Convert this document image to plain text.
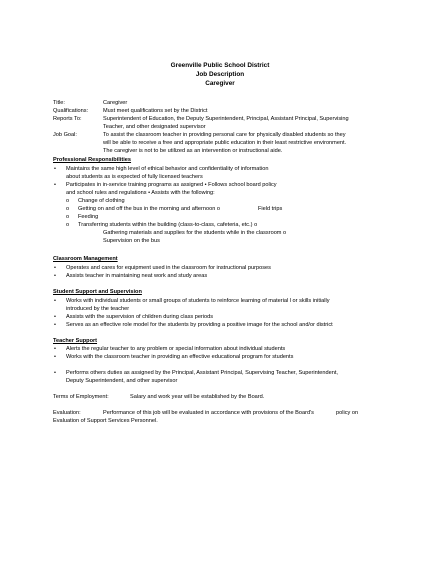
Greenville Public School District
Job Description
Caregiver
Title:	Caregiver
Qualifications:	Must meet qualifications set by the District
Reports To:	Superintendent of Education, the Deputy Superintendent, Principal, Assistant Principal, Supervising
Teacher, and other designated supervisor
Job Goal:	To assist the classroom teacher in providing personal care for physically disabled students so they
will be able to receive a free and appropriate public education in their least restrictive environment.
The caregiver is not to be utilized as an intervention or instructional aide.
Professional Responsibilities
•	Maintains the same high level of ethical behavior and confidentiality of information
about students as is expected of fully licensed teachers
•	Participates in in-service training programs as assigned • Follows school board policy
and school rules and regulations • Assists with the following:
o Change of clothing
o Getting on and off the bus in the morning and afternoon o	Field trips
o Feeding
o Transferring students within the building (class-to-class, cafeteria, etc.) o
Gathering materials and supplies for the students while in the classroom o
Supervision on the bus
Classroom Management
•	Operates and cares for equipment used in the classroom for instructional purposes
•	Assists teacher in maintaining neat work and study areas
Student Support and Supervision
•	Works with individual students or small groups of students to reinforce learning of material l or skills initially
introduced by the teacher
•	Assists with the supervision of children during class periods
•	Serves as an effective role model for the students by providing a positive image for the school and/or district
Teacher Support
•	Alerts the regular teacher to any problem or special information about individual students
•	Works with the classroom teacher in providing an effective educational program for students
•	Performs others duties as assigned by the Principal, Assistant Principal, Supervising Teacher, Superintendent,
Deputy Superintendent, and other supervisor
Terms of Employment:	Salary and work year will be established by the Board.
Evaluation:	Performance of this job will be evaluated in accordance with provisions of the Board's	policy on
Evaluation of Support Services Personnel.
